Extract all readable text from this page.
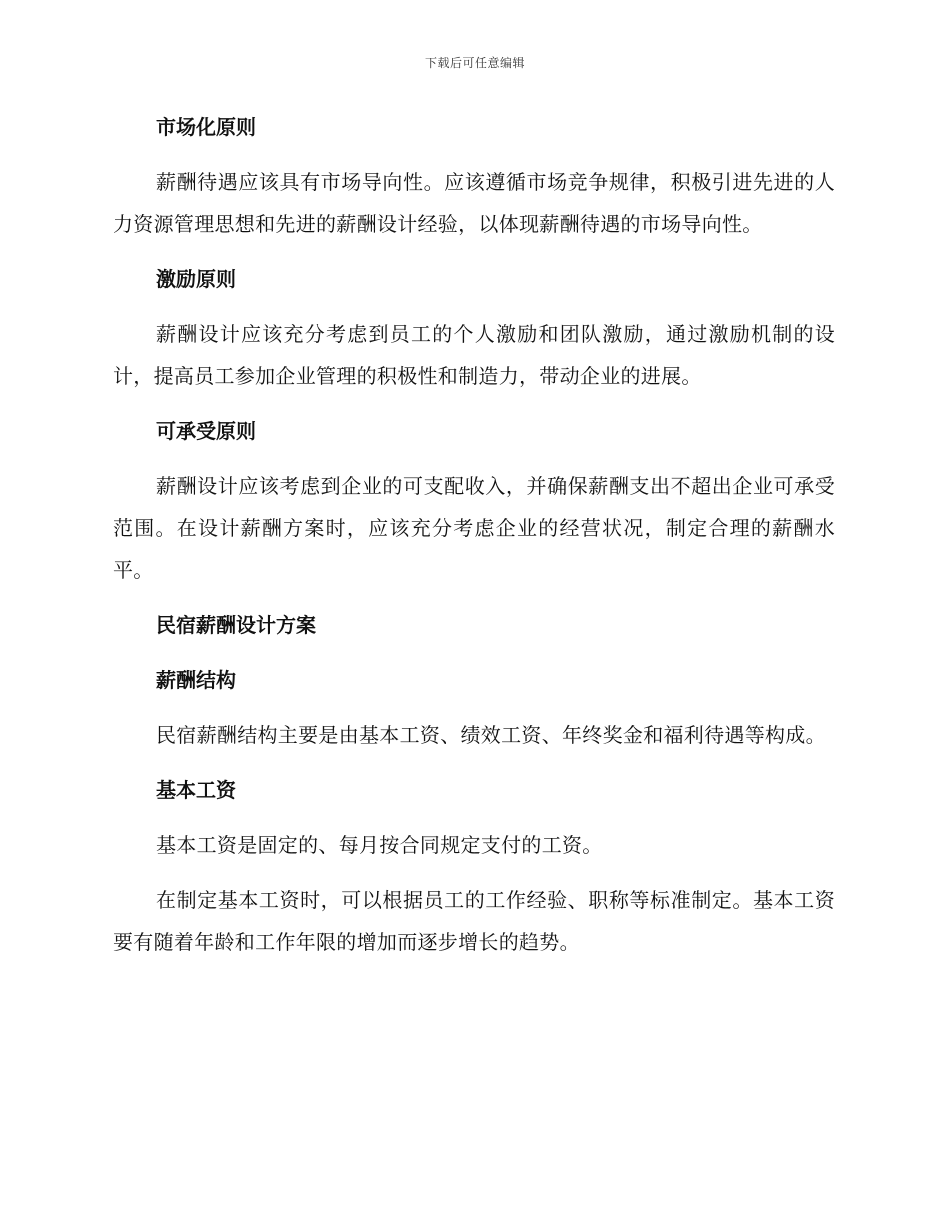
下载后可任意编辑
市场化原则
薪酬待遇应该具有市场导向性。应该遵循市场竞争规律，积极引进先进的人力资源管理思想和先进的薪酬设计经验，以体现薪酬待遇的市场导向性。
激励原则
薪酬设计应该充分考虑到员工的个人激励和团队激励，通过激励机制的设计，提高员工参加企业管理的积极性和制造力，带动企业的进展。
可承受原则
薪酬设计应该考虑到企业的可支配收入，并确保薪酬支出不超出企业可承受范围。在设计薪酬方案时，应该充分考虑企业的经营状况，制定合理的薪酬水平。
民宿薪酬设计方案
薪酬结构
民宿薪酬结构主要是由基本工资、绩效工资、年终奖金和福利待遇等构成。
基本工资
基本工资是固定的、每月按合同规定支付的工资。
在制定基本工资时，可以根据员工的工作经验、职称等标准制定。基本工资要有随着年龄和工作年限的增加而逐步增长的趋势。
